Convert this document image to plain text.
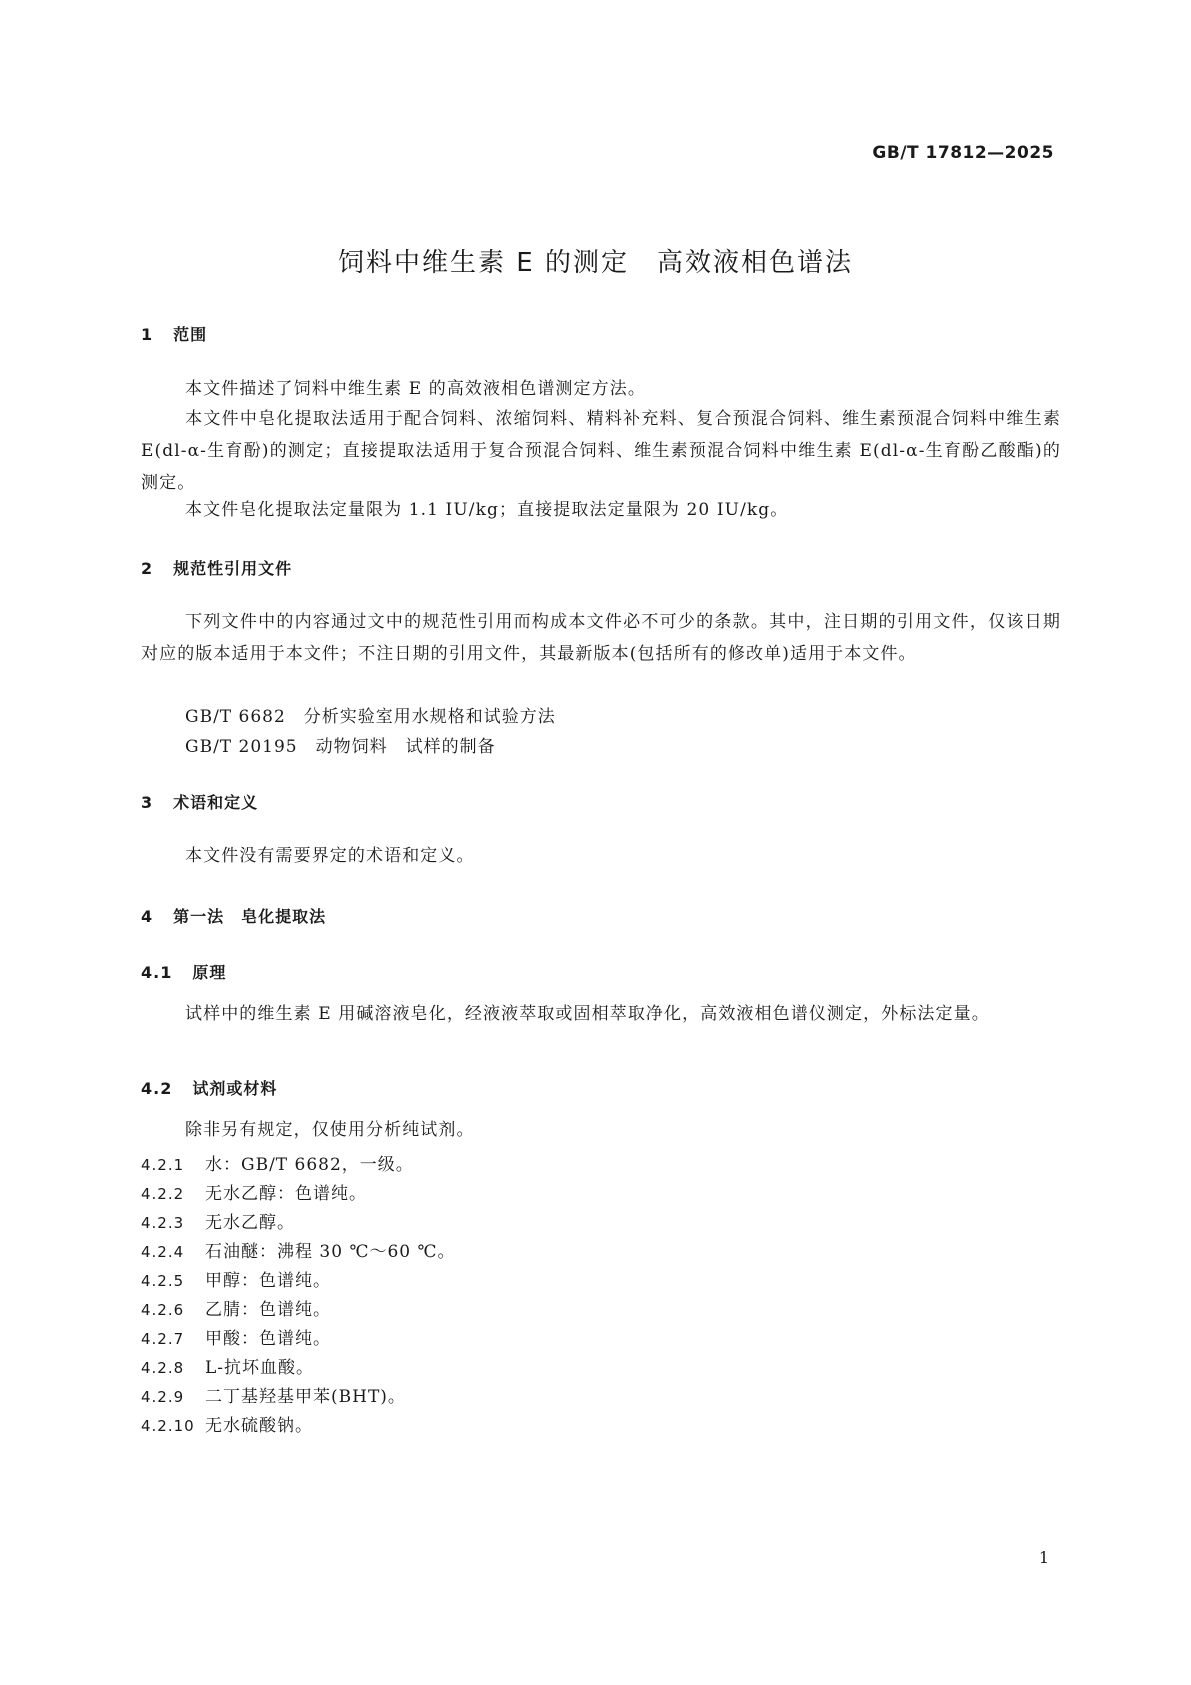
GB/T 17812—2025
饲料中维生素 E 的测定　高效液相色谱法
1 范围
本文件描述了饲料中维生素 E 的高效液相色谱测定方法。
本文件中皂化提取法适用于配合饲料、浓缩饲料、精料补充料、复合预混合饲料、维生素预混合饲料中维生素 E(dl-α-生育酚)的测定；直接提取法适用于复合预混合饲料、维生素预混合饲料中维生素 E(dl-α-生育酚乙酸酯)的测定。
本文件皂化提取法定量限为 1.1 IU/kg；直接提取法定量限为 20 IU/kg。
2 规范性引用文件
下列文件中的内容通过文中的规范性引用而构成本文件必不可少的条款。其中，注日期的引用文件，仅该日期对应的版本适用于本文件；不注日期的引用文件，其最新版本(包括所有的修改单)适用于本文件。
GB/T 6682　分析实验室用水规格和试验方法
GB/T 20195　动物饲料　试样的制备
3 术语和定义
本文件没有需要界定的术语和定义。
4 第一法　皂化提取法
4.1 原理
试样中的维生素 E 用碱溶液皂化，经液液萃取或固相萃取净化，高效液相色谱仪测定，外标法定量。
4.2 试剂或材料
除非另有规定，仅使用分析纯试剂。
4.2.1 水：GB/T 6682，一级。
4.2.2 无水乙醇：色谱纯。
4.2.3 无水乙醇。
4.2.4 石油醚：沸程 30 ℃～60 ℃。
4.2.5 甲醇：色谱纯。
4.2.6 乙腈：色谱纯。
4.2.7 甲酸：色谱纯。
4.2.8 L-抗坏血酸。
4.2.9 二丁基羟基甲苯(BHT)。
4.2.10 无水硫酸钠。
1
